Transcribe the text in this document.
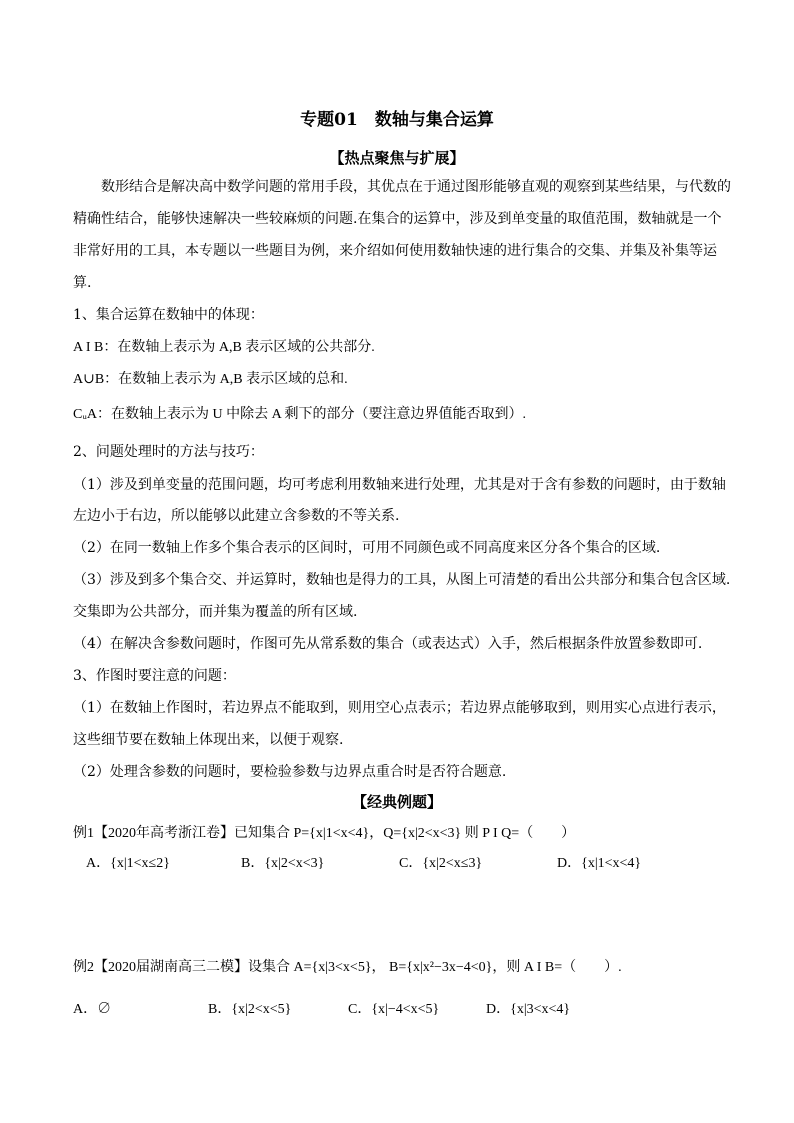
专题01　数轴与集合运算
【热点聚焦与扩展】
数形结合是解决高中数学问题的常用手段，其优点在于通过图形能够直观的观察到某些结果，与代数的精确性结合，能够快速解决一些较麻烦的问题.在集合的运算中，涉及到单变量的取值范围，数轴就是一个非常好用的工具，本专题以一些题目为例，来介绍如何使用数轴快速的进行集合的交集、并集及补集等运算.
1、集合运算在数轴中的体现：
A I B：在数轴上表示为 A,B 表示区域的公共部分.
A∪B：在数轴上表示为 A,B 表示区域的总和.
CᵤA：在数轴上表示为 U 中除去 A 剩下的部分（要注意边界值能否取到）.
2、问题处理时的方法与技巧：
（1）涉及到单变量的范围问题，均可考虑利用数轴来进行处理，尤其是对于含有参数的问题时，由于数轴
左边小于右边，所以能够以此建立含参数的不等关系.
（2）在同一数轴上作多个集合表示的区间时，可用不同颜色或不同高度来区分各个集合的区域.
（3）涉及到多个集合交、并运算时，数轴也是得力的工具，从图上可清楚的看出公共部分和集合包含区域.
交集即为公共部分，而并集为覆盖的所有区域.
（4）在解决含参数问题时，作图可先从常系数的集合（或表达式）入手，然后根据条件放置参数即可.
3、作图时要注意的问题：
（1）在数轴上作图时，若边界点不能取到，则用空心点表示；若边界点能够取到，则用实心点进行表示，
这些细节要在数轴上体现出来，以便于观察.
（2）处理含参数的问题时，要检验参数与边界点重合时是否符合题意.
【经典例题】
例1【2020年高考浙江卷】已知集合 P={x|1<x<4}，Q={x|2<x<3} 则 P I Q=（　　）
A．{x|1<x≤2}	B．{x|2<x<3}	C．{x|2<x≤3}	D．{x|1<x<4}
例2【2020届湖南高三二模】设集合 A={x|3<x<5}， B={x|x²−3x−4<0}，则 A I B=（　　）.
A．∅	B．{x|2<x<5}	C．{x|−4<x<5}	D．{x|3<x<4}
